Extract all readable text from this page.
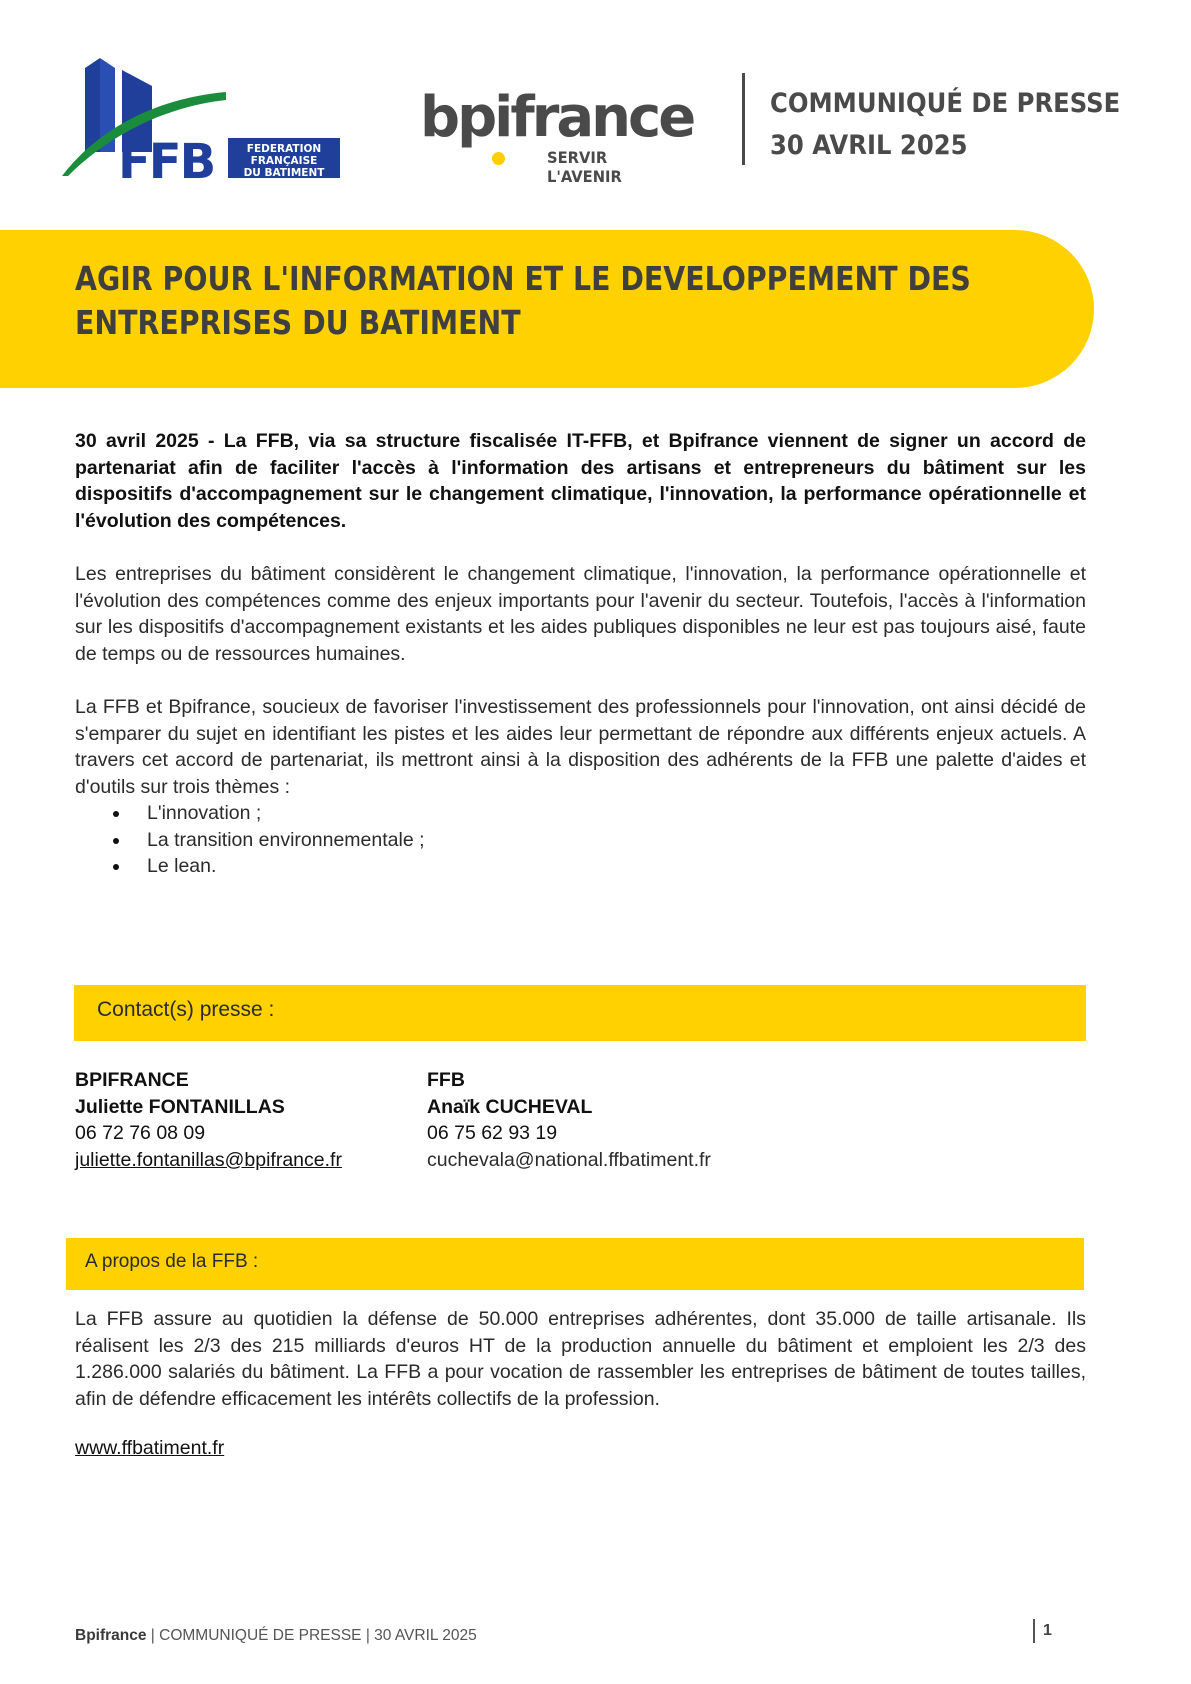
FFB	FEDERATION
FRANÇAISE
DU BATIMENT
bpifrance
SERVIR L'AVENIR
COMMUNIQUÉ DE PRESSE
30 AVRIL 2025
AGIR POUR L'INFORMATION ET LE DEVELOPPEMENT DES ENTREPRISES DU BATIMENT
30 avril 2025 - La FFB, via sa structure fiscalisée IT-FFB, et Bpifrance viennent de signer un accord de partenariat afin de faciliter l'accès à l'information des artisans et entrepreneurs du bâtiment sur les dispositifs d'accompagnement sur le changement climatique, l'innovation, la performance opérationnelle et l'évolution des compétences.
Les entreprises du bâtiment considèrent le changement climatique, l'innovation, la performance opérationnelle et l'évolution des compétences comme des enjeux importants pour l'avenir du secteur. Toutefois, l'accès à l'information sur les dispositifs d'accompagnement existants et les aides publiques disponibles ne leur est pas toujours aisé, faute de temps ou de ressources humaines.
La FFB et Bpifrance, soucieux de favoriser l'investissement des professionnels pour l'innovation, ont ainsi décidé de s'emparer du sujet en identifiant les pistes et les aides leur permettant de répondre aux différents enjeux actuels. A travers cet accord de partenariat, ils mettront ainsi à la disposition des adhérents de la FFB une palette d'aides et d'outils sur trois thèmes :
L'innovation ;
La transition environnementale ;
Le lean.
Contact(s) presse :
BPIFRANCE
Juliette FONTANILLAS
06 72 76 08 09
juliette.fontanillas@bpifrance.fr
FFB
Anaïk CUCHEVAL
06 75 62 93 19
cuchevala@national.ffbatiment.fr
A propos de la FFB :
La FFB assure au quotidien la défense de 50.000 entreprises adhérentes, dont 35.000 de taille artisanale. Ils réalisent les 2/3 des 215 milliards d'euros HT de la production annuelle du bâtiment et emploient les 2/3 des 1.286.000 salariés du bâtiment. La FFB a pour vocation de rassembler les entreprises de bâtiment de toutes tailles, afin de défendre efficacement les intérêts collectifs de la profession.
www.ffbatiment.fr
Bpifrance | COMMUNIQUÉ DE PRESSE | 30 AVRIL 2025	1
